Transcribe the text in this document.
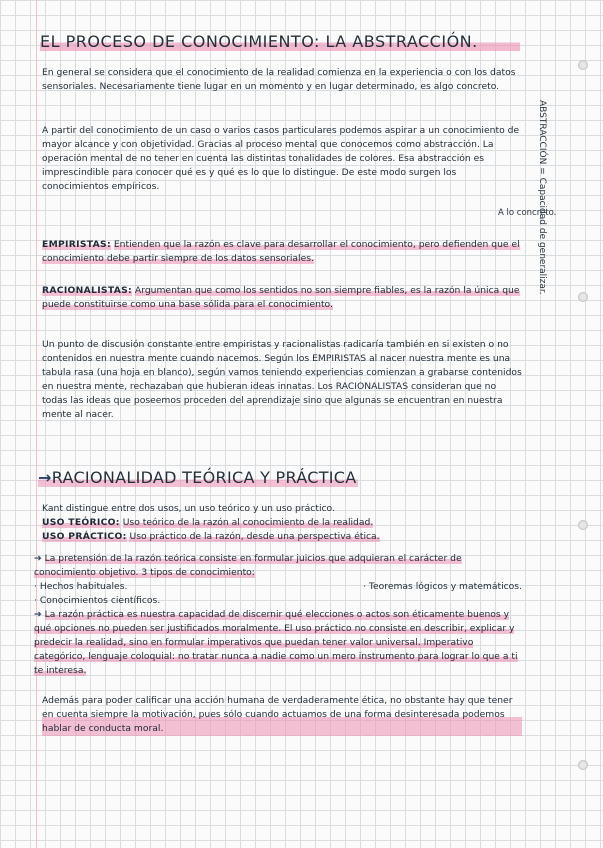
EL PROCESO DE CONOCIMIENTO: LA ABSTRACCIÓN.
ABSTRACCIÓN = Capacidad de generalizar.

En general se considera que el conocimiento de la realidad comienza en la experiencia o con los datos sensoriales. Necesariamente tiene lugar en un momento y en lugar determinado, es algo concreto.

A partir del conocimiento de un caso o varios casos particulares podemos aspirar a un conocimiento de mayor alcance y con objetividad. Gracias al proceso mental que conocemos como abstracción. La operación mental de no tener en cuenta las distintas tonalidades de colores. Esa abstracción es imprescindible para conocer qué es y qué es lo que lo distingue. De este modo surgen los conocimientos empíricos.

A lo concreto.

EMPIRISTAS: Entienden que la razón es clave para desarrollar el conocimiento, pero defienden que el conocimiento debe partir siempre de los datos sensoriales.

RACIONALISTAS: Argumentan que como los sentidos no son siempre fiables, es la razón la única que puede constituirse como una base sólida para el conocimiento.

Un punto de discusión constante entre empiristas y racionalistas radicaría también en si existen o no contenidos en nuestra mente cuando nacemos. Según los EMPIRISTAS al nacer nuestra mente es una tabula rasa (una hoja en blanco), según vamos teniendo experiencias comienzan a grabarse contenidos en nuestra mente, rechazaban que hubieran ideas innatas. Los RACIONALISTAS consideran que no todas las ideas que poseemos proceden del aprendizaje sino que algunas se encuentran en nuestra mente al nacer.

→RACIONALIDAD TEÓRICA Y PRÁCTICA

Kant distingue entre dos usos, un uso teórico y un uso práctico.

USO TEÓRICO: Uso teórico de la razón al conocimiento de la realidad.

USO PRÁCTICO: Uso práctico de la razón, desde una perspectiva ética.

➔ La pretensión de la razón teórica consiste en formular juicios que adquieran el carácter de conocimiento objetivo. 3 tipos de conocimiento:

· Hechos habituales.	· Teoremas lógicos y matemáticos.

· Conocimientos científicos.

➔ La razón práctica es nuestra capacidad de discernir qué elecciones o actos son éticamente buenos y qué opciones no pueden ser justificados moralmente. El uso práctico no consiste en describir, explicar y predecir la realidad, sino en formular imperativos que puedan tener valor universal. Imperativo categórico, lenguaje coloquial: no tratar nunca a nadie como un mero instrumento para lograr lo que a ti te interesa.

Además para poder calificar una acción humana de verdaderamente ética, no obstante hay que tener en cuenta siempre la motivación, pues sólo cuando actuamos de una forma desinteresada podemos hablar de conducta moral.
